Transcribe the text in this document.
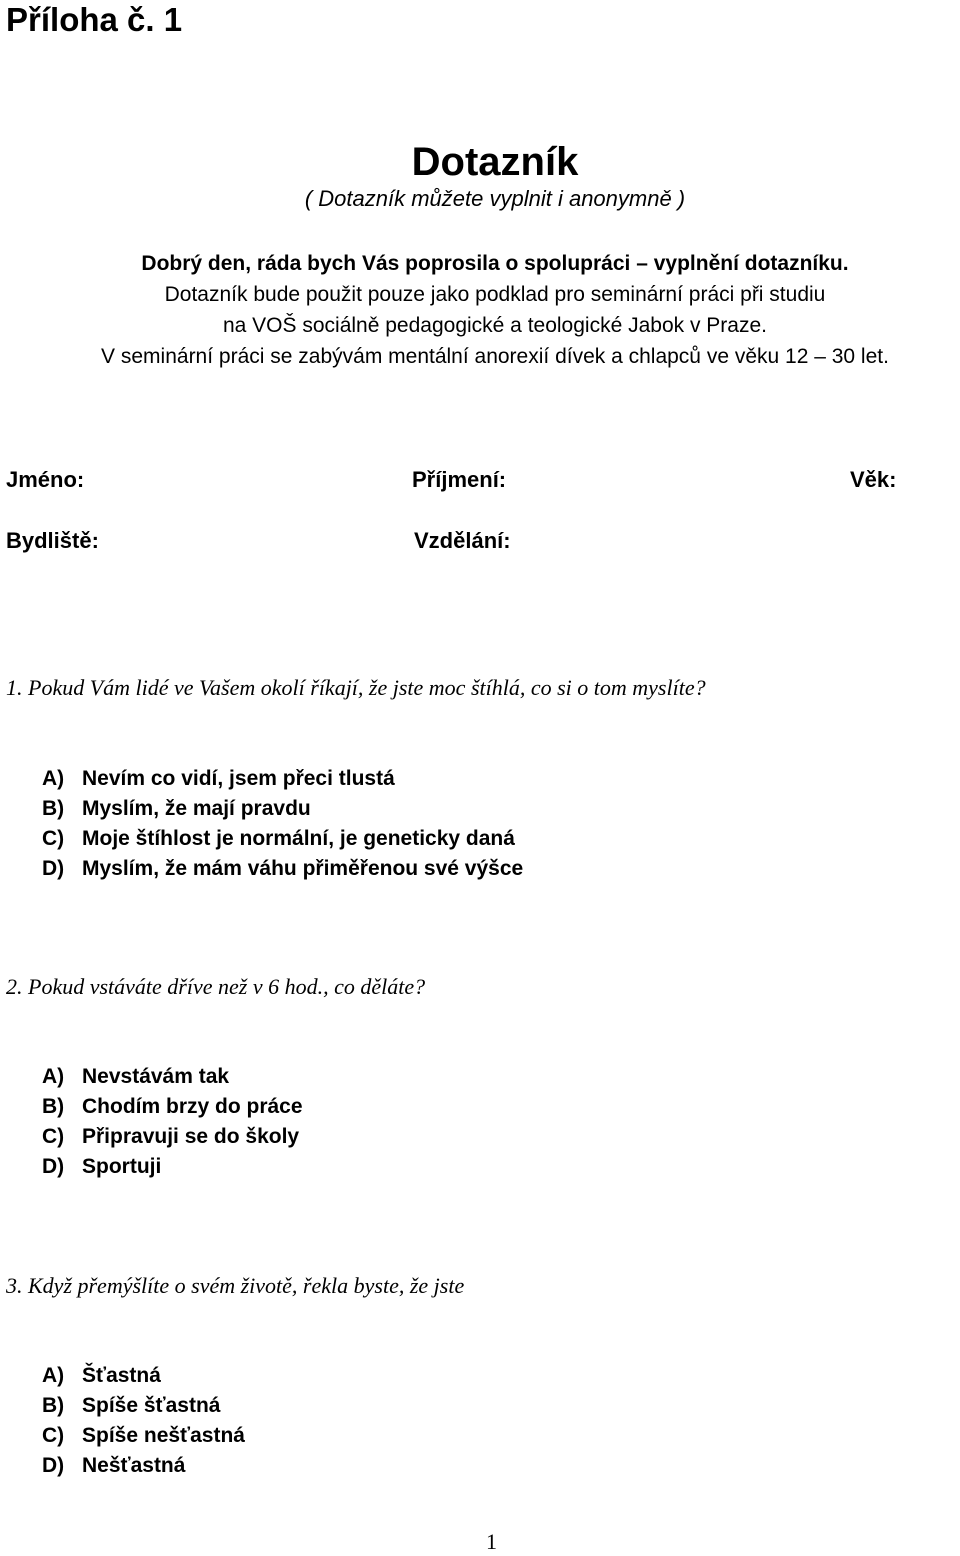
Příloha č. 1
Dotazník
( Dotazník můžete vyplnit i anonymně )
Dobrý den, ráda bych Vás poprosila o spolupráci – vyplnění dotazníku.
Dotazník bude použit pouze jako podklad pro seminární práci při studiu
na VOŠ sociálně pedagogické a teologické Jabok v Praze.
V seminární práci se zabývám mentální anorexií dívek a chlapců ve věku 12 – 30 let.
Jméno:	Příjmení:	Věk:
Bydliště:	Vzdělání:
1. Pokud Vám lidé ve Vašem okolí říkají, že jste moc štíhlá, co si o tom myslíte?
A) Nevím co vidí, jsem přeci tlustá
B) Myslím, že mají pravdu
C) Moje štíhlost je normální, je geneticky daná
D) Myslím, že mám váhu přiměřenou své výšce
2. Pokud vstáváte dříve než v 6 hod., co děláte?
A) Nevstávám tak
B) Chodím brzy do práce
C) Připravuji se do školy
D) Sportuji
3. Když přemýšlíte o svém životě, řekla byste, že jste
A) Šťastná
B) Spíše šťastná
C) Spíše nešťastná
D) Nešťastná
1
